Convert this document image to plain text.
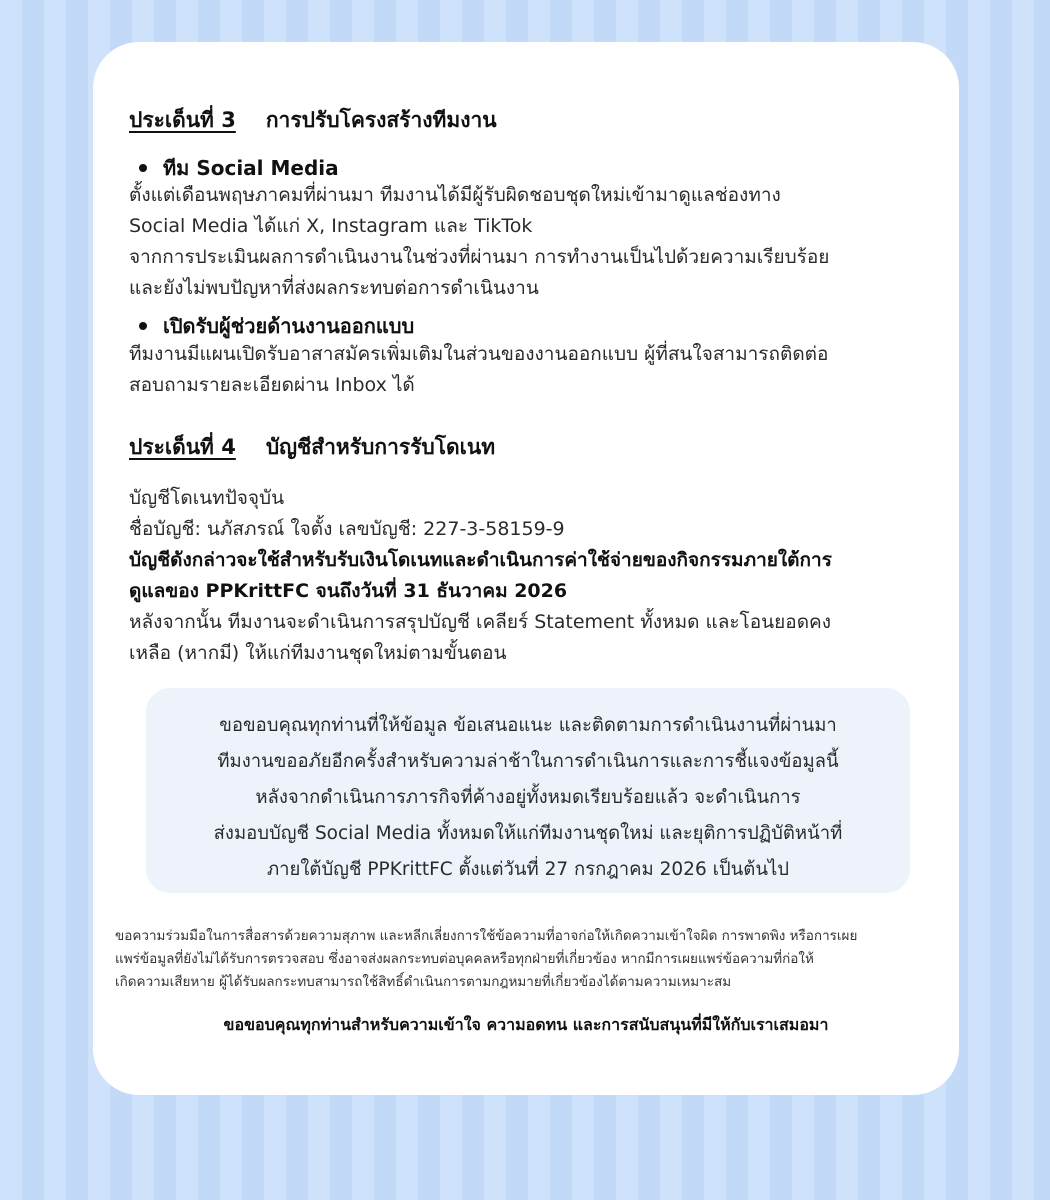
ประเด็นที่ 3 การปรับโครงสร้างทีมงาน
ทีม Social Media
ตั้งแต่เดือนพฤษภาคมที่ผ่านมา ทีมงานได้มีผู้รับผิดชอบชุดใหม่เข้ามาดูแลช่องทาง
Social Media ได้แก่ X, Instagram และ TikTok
จากการประเมินผลการดำเนินงานในช่วงที่ผ่านมา การทำงานเป็นไปด้วยความเรียบร้อย
และยังไม่พบปัญหาที่ส่งผลกระทบต่อการดำเนินงาน
เปิดรับผู้ช่วยด้านงานออกแบบ
ทีมงานมีแผนเปิดรับอาสาสมัครเพิ่มเติมในส่วนของงานออกแบบ ผู้ที่สนใจสามารถติดต่อ
สอบถามรายละเอียดผ่าน Inbox ได้
ประเด็นที่ 4 บัญชีสำหรับการรับโดเนท
บัญชีโดเนทปัจจุบัน
ชื่อบัญชี: นภัสภรณ์ ใจตั้ง เลขบัญชี: 227-3-58159-9
บัญชีดังกล่าวจะใช้สำหรับรับเงินโดเนทและดำเนินการค่าใช้จ่ายของกิจกรรมภายใต้การ
ดูแลของ PPKrittFC จนถึงวันที่ 31 ธันวาคม 2026
หลังจากนั้น ทีมงานจะดำเนินการสรุปบัญชี เคลียร์ Statement ทั้งหมด และโอนยอดคง
เหลือ (หากมี) ให้แก่ทีมงานชุดใหม่ตามขั้นตอน
ขอขอบคุณทุกท่านที่ให้ข้อมูล ข้อเสนอแนะ และติดตามการดำเนินงานที่ผ่านมา
ทีมงานขออภัยอีกครั้งสำหรับความล่าช้าในการดำเนินการและการชี้แจงข้อมูลนี้
หลังจากดำเนินการภารกิจที่ค้างอยู่ทั้งหมดเรียบร้อยแล้ว จะดำเนินการ
ส่งมอบบัญชี Social Media ทั้งหมดให้แก่ทีมงานชุดใหม่ และยุติการปฏิบัติหน้าที่
ภายใต้บัญชี PPKrittFC ตั้งแต่วันที่ 27 กรกฎาคม 2026 เป็นต้นไป
ขอความร่วมมือในการสื่อสารด้วยความสุภาพ และหลีกเลี่ยงการใช้ข้อความที่อาจก่อให้เกิดความเข้าใจผิด การพาดพิง หรือการเผย
แพร่ข้อมูลที่ยังไม่ได้รับการตรวจสอบ ซึ่งอาจส่งผลกระทบต่อบุคคลหรือทุกฝ่ายที่เกี่ยวข้อง หากมีการเผยแพร่ข้อความที่ก่อให้
เกิดความเสียหาย ผู้ได้รับผลกระทบสามารถใช้สิทธิ์ดำเนินการตามกฎหมายที่เกี่ยวข้องได้ตามความเหมาะสม
ขอขอบคุณทุกท่านสำหรับความเข้าใจ ความอดทน และการสนับสนุนที่มีให้กับเราเสมอมา
